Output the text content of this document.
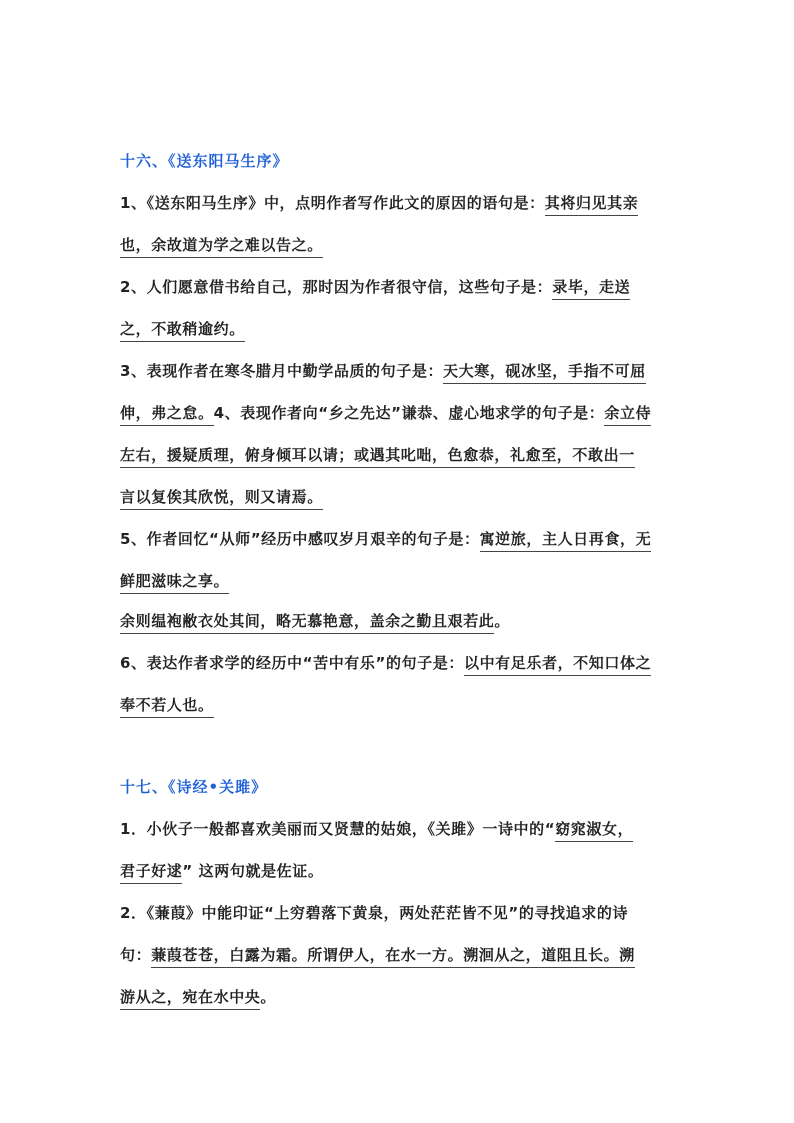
十六、《送东阳马生序》
1、《送东阳马生序》中，点明作者写作此文的原因的语句是：其将归见其亲
也，余故道为学之难以告之。
2、人们愿意借书给自己，那时因为作者很守信，这些句子是：录毕，走送
之，不敢稍逾约。
3、表现作者在寒冬腊月中勤学品质的句子是：天大寒，砚冰坚，手指不可屈
伸，弗之怠。4、表现作者向“乡之先达”谦恭、虚心地求学的句子是：余立侍
左右，援疑质理，俯身倾耳以请；或遇其叱咄，色愈恭，礼愈至，不敢出一
言以复俟其欣悦，则又请焉。
5、作者回忆“从师”经历中感叹岁月艰辛的句子是：寓逆旅，主人日再食，无
鲜肥滋味之享。
余则缊袍敝衣处其间，略无慕艳意，盖余之勤且艰若此。
6、表达作者求学的经历中“苦中有乐”的句子是：以中有足乐者，不知口体之
奉不若人也。
十七、《诗经•关雎》
1．小伙子一般都喜欢美丽而又贤慧的姑娘，《关雎》一诗中的“窈窕淑女，
君子好逑” 这两句就是佐证。
2．《蒹葭》中能印证“上穷碧落下黄泉，两处茫茫皆不见”的寻找追求的诗
句：蒹葭苍苍，白露为霜。所谓伊人，在水一方。溯洄从之，道阻且长。溯
游从之，宛在水中央。
